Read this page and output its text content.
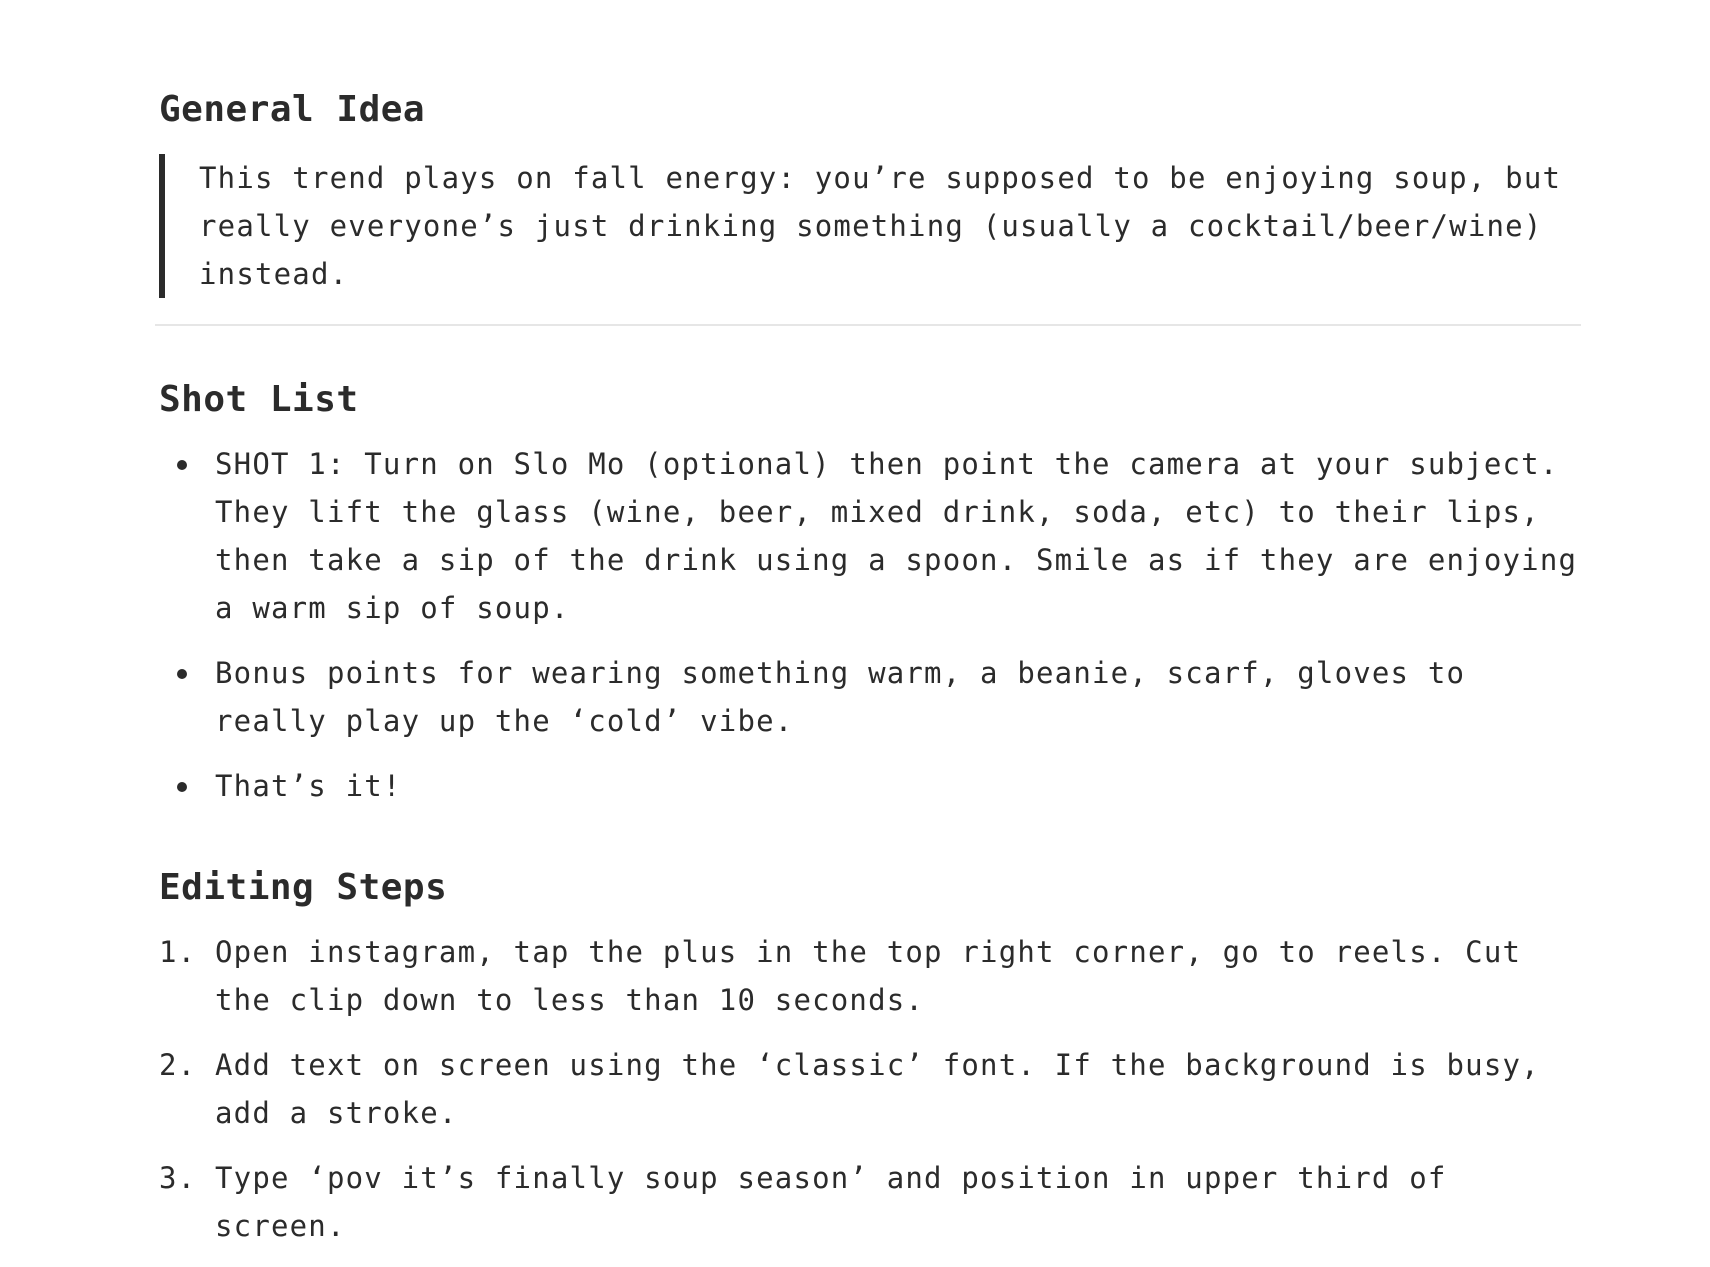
General Idea
This trend plays on fall energy: you’re supposed to be enjoying soup, but really everyone’s just drinking something (usually a cocktail/beer/wine) instead.
Shot List
SHOT 1: Turn on Slo Mo (optional) then point the camera at your subject. They lift the glass (wine, beer, mixed drink, soda, etc) to their lips, then take a sip of the drink using a spoon. Smile as if they are enjoying a warm sip of soup.
Bonus points for wearing something warm, a beanie, scarf, gloves to really play up the ‘cold’ vibe.
That’s it!
Editing Steps
1. Open instagram, tap the plus in the top right corner, go to reels. Cut the clip down to less than 10 seconds.
2. Add text on screen using the ‘classic’ font. If the background is busy, add a stroke.
3. Type ‘pov it’s finally soup season’ and position in upper third of screen.
